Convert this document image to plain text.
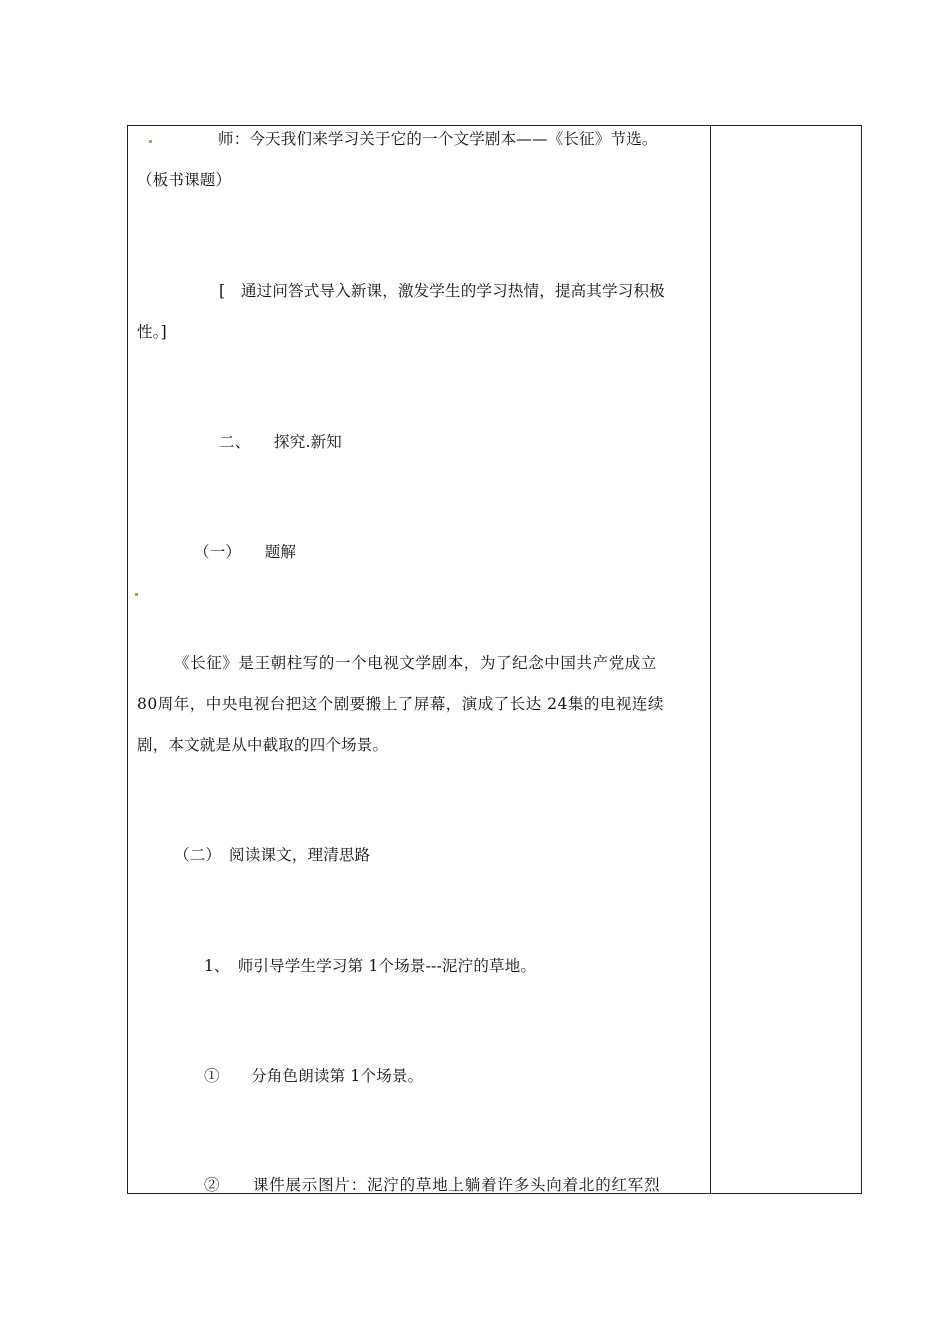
师：今天我们来学习关于它的一个文学剧本——《长征》节选。
（板书课题）
[　通过问答式导入新课，激发学生的学习热情，提高其学习积极
性。]
二、　　探究.新知
（一）　　题解
《长征》是王朝柱写的一个电视文学剧本，为了纪念中国共产党成立
80周年，中央电视台把这个剧要搬上了屏幕，演成了长达 24集的电视连续
剧，本文就是从中截取的四个场景。
（二）　阅读课文，理清思路
1、　师引导学生学习第 1个场景---泥泞的草地。
①　　分角色朗读第 1个场景。
②　　课件展示图片：泥泞的草地上躺着许多头向着北的红军烈
